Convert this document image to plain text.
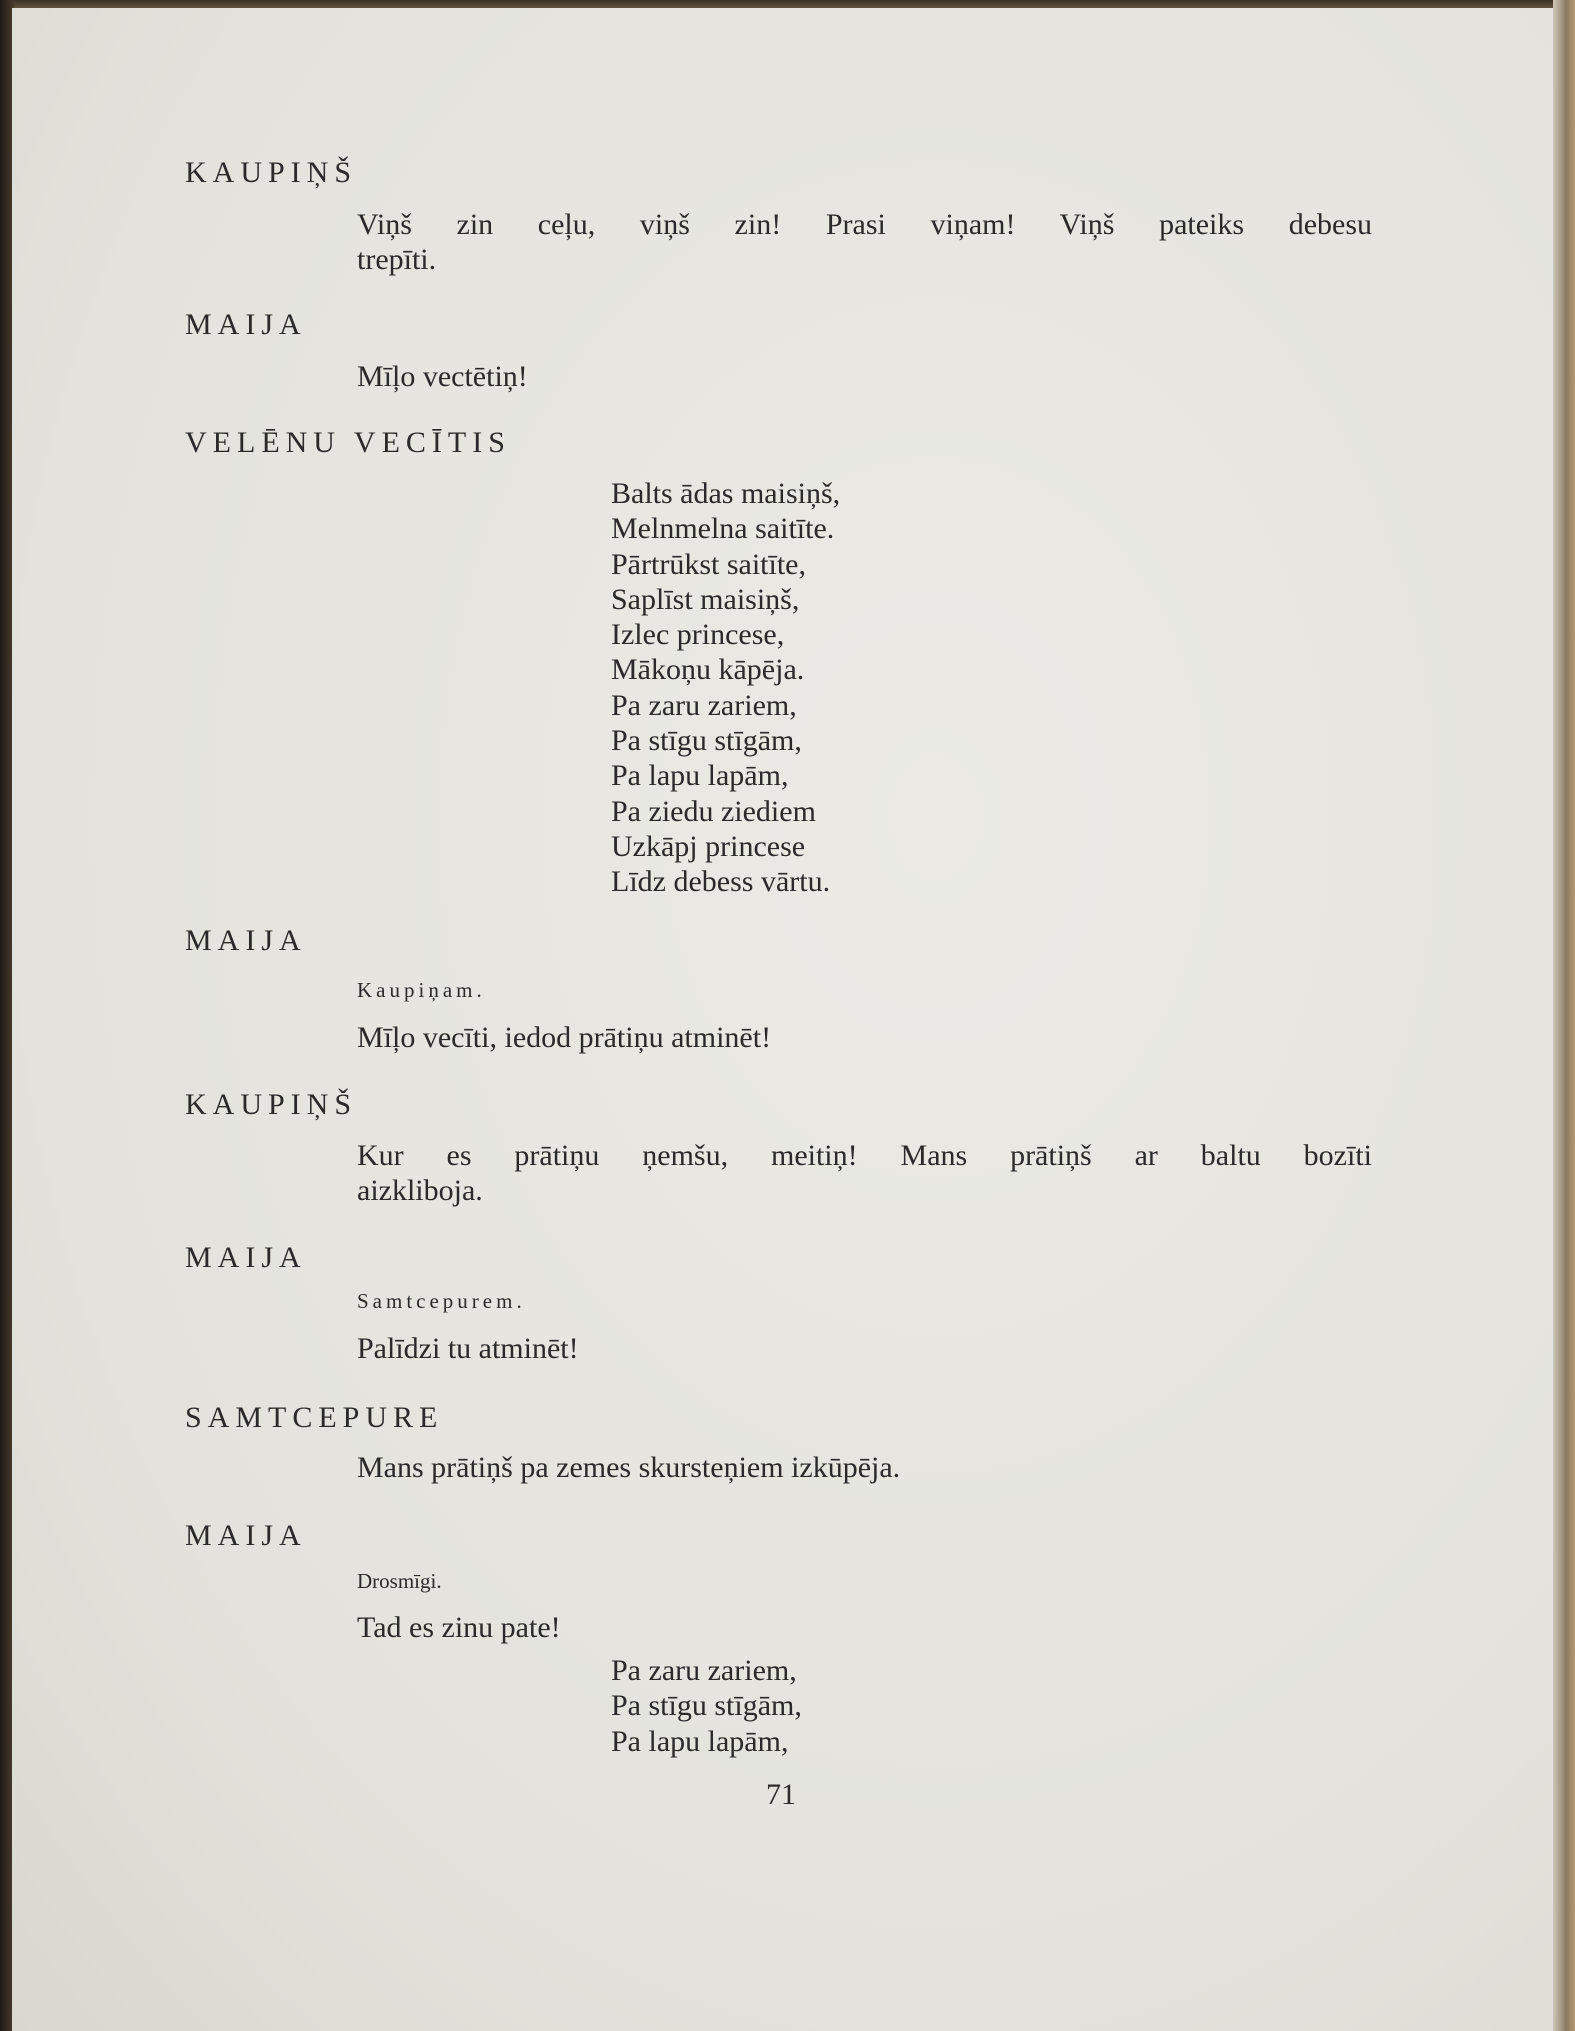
KAUPIŅŠ
Viņš zin ceļu, viņš zin! Prasi viņam! Viņš pateiks debesu
trepīti.
MAIJA
Mīļo vectētiņ!
VELĒNU VECĪTIS
Balts ādas maisiņš,
Melnmelna saitīte.
Pārtrūkst saitīte,
Saplīst maisiņš,
Izlec princese,
Mākoņu kāpēja.
Pa zaru zariem,
Pa stīgu stīgām,
Pa lapu lapām,
Pa ziedu ziediem
Uzkāpj princese
Līdz debess vārtu.
MAIJA
Kaupiņam.
Mīļo vecīti, iedod prātiņu atminēt!
KAUPIŅŠ
Kur es prātiņu ņemšu, meitiņ! Mans prātiņš ar baltu bozīti
aizkliboja.
MAIJA
Samtcepurem.
Palīdzi tu atminēt!
SAMTCEPURE
Mans prātiņš pa zemes skursteņiem izkūpēja.
MAIJA
Drosmīgi.
Tad es zinu pate!
Pa zaru zariem,
Pa stīgu stīgām,
Pa lapu lapām,
71
